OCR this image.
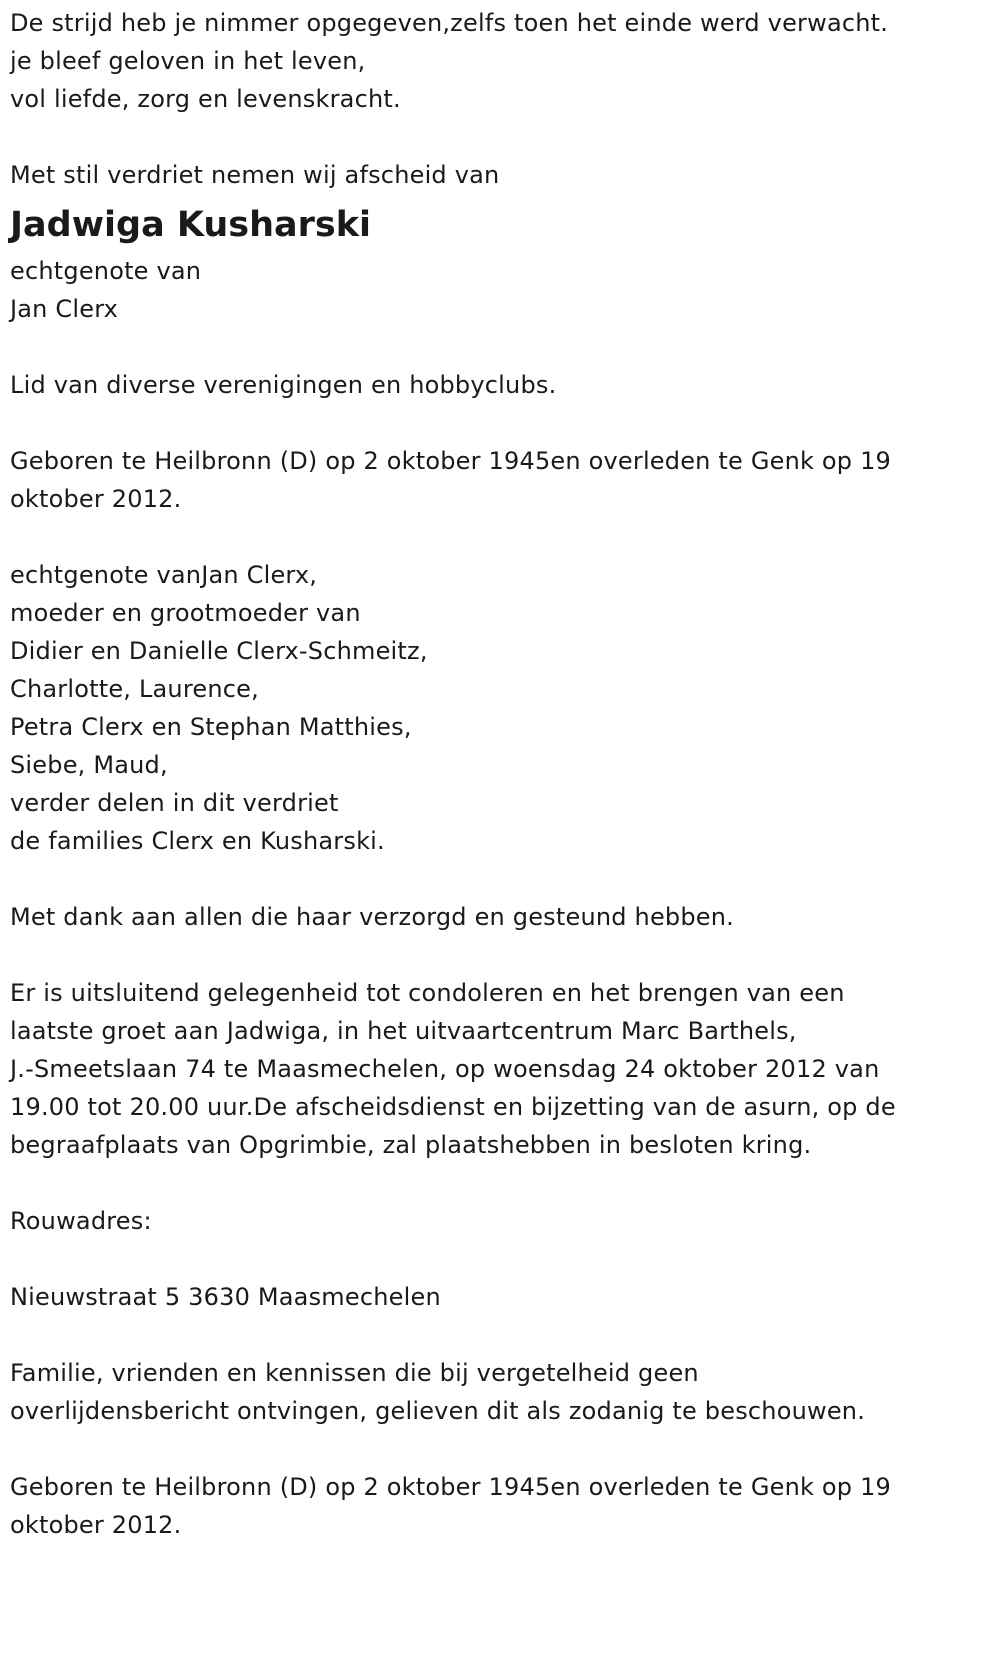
De strijd heb je nimmer opgegeven,zelfs toen het einde werd verwacht.
je bleef geloven in het leven,
vol liefde, zorg en levenskracht.
Met stil verdriet nemen wij afscheid van
Jadwiga Kusharski
echtgenote van
Jan Clerx
Lid van diverse verenigingen en hobbyclubs.
Geboren te Heilbronn (D) op 2 oktober 1945en overleden te Genk op 19
oktober 2012.
echtgenote vanJan Clerx,
moeder en grootmoeder van
Didier en Danielle Clerx-Schmeitz,
Charlotte, Laurence,
Petra Clerx en Stephan Matthies,
Siebe, Maud,
verder delen in dit verdriet
de families Clerx en Kusharski.
Met dank aan allen die haar verzorgd en gesteund hebben.
Er is uitsluitend gelegenheid tot condoleren en het brengen van een
laatste groet aan Jadwiga, in het uitvaartcentrum Marc Barthels,
J.-Smeetslaan 74 te Maasmechelen, op woensdag 24 oktober 2012 van
19.00 tot 20.00 uur.De afscheidsdienst en bijzetting van de asurn, op de
begraafplaats van Opgrimbie, zal plaatshebben in besloten kring.
Rouwadres:
Nieuwstraat 5 3630 Maasmechelen
Familie, vrienden en kennissen die bij vergetelheid geen
overlijdensbericht ontvingen, gelieven dit als zodanig te beschouwen.
Geboren te Heilbronn (D) op 2 oktober 1945en overleden te Genk op 19
oktober 2012.
